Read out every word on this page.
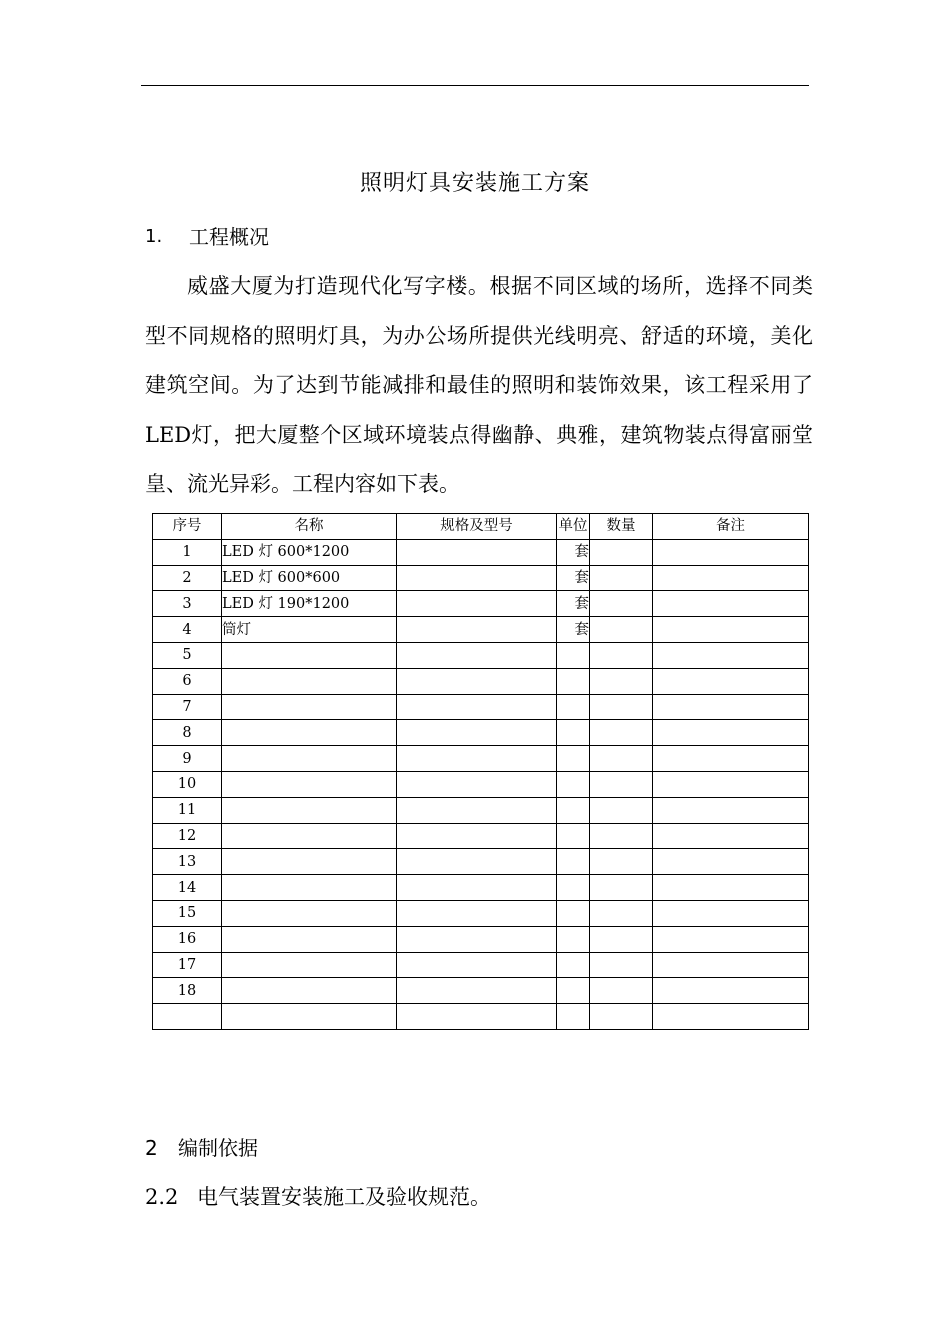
照明灯具安装施工方案
1.	工程概况

威盛大厦为打造现代化写字楼。根据不同区域的场所，选择不同类型不同规格的照明灯具，为办公场所提供光线明亮、舒适的环境，美化建筑空间。为了达到节能减排和最佳的照明和装饰效果，该工程采用了LED灯，把大厦整个区域环境装点得幽静、典雅，建筑物装点得富丽堂皇、流光异彩。工程内容如下表。

序号	名称	规格及型号	单位	数量	备注
1	LED 灯 600*1200		套		
2	LED 灯 600*600		套		
3	LED 灯 190*1200		套		
4	筒灯		套		
5					
6					
7					
8					
9					
10					
11					
12					
13					
14					
15					
16					
17					
18					

2	编制依据
2.2 电气装置安装施工及验收规范。
